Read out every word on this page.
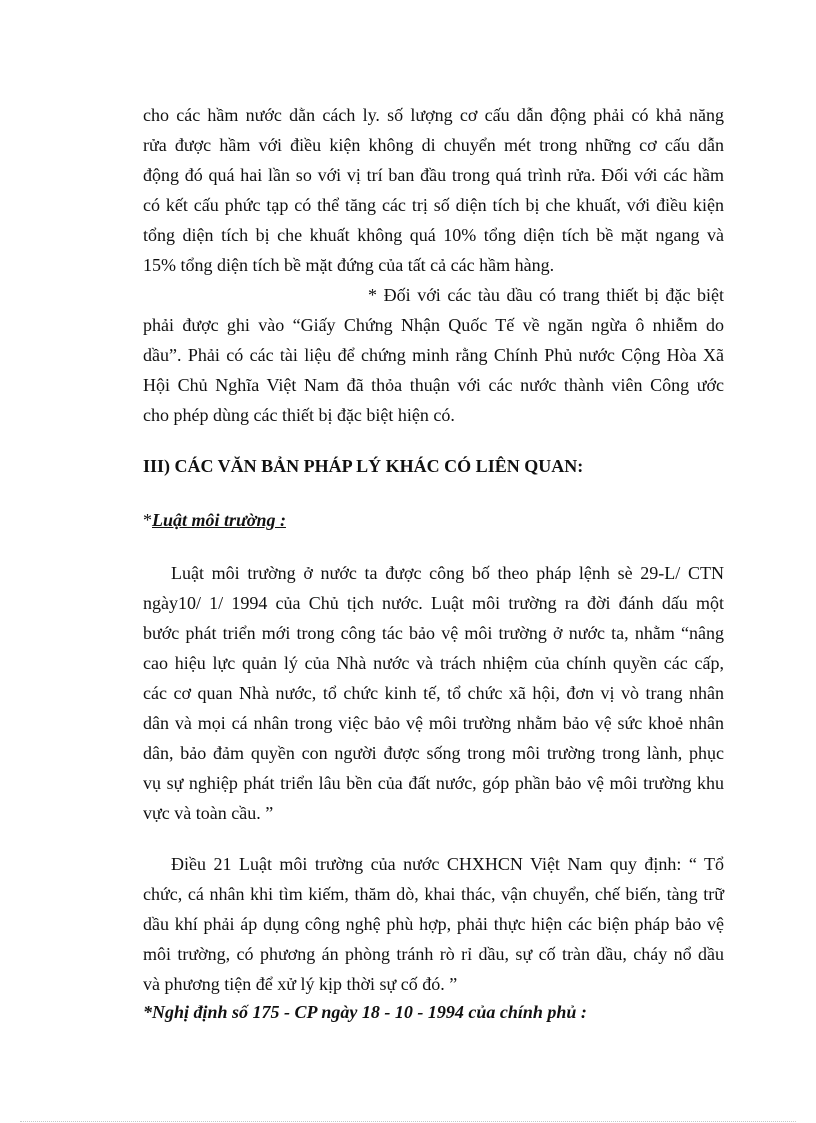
cho các hầm nước dằn cách ly. số lượng cơ cấu dẫn động phải có khả năng
rửa được hầm với điều kiện không di chuyển mét trong những cơ cấu dẫn
động đó quá hai lần so với vị trí ban đầu trong quá trình rửa. Đối với các hầm
có kết cấu phức tạp có thể tăng các trị số diện tích bị che khuất, với điều kiện
tổng diện tích bị che khuất không quá 10% tổng diện tích bề mặt ngang và
15% tổng diện tích bề mặt đứng của tất cả các hầm hàng.
* Đối với các tàu dầu có trang thiết bị đặc biệt
phải được ghi vào “Giấy Chứng Nhận Quốc Tế về ngăn ngừa ô nhiễm do
dầu”. Phải có các tài liệu để chứng minh rằng Chính Phủ nước Cộng Hòa Xã
Hội Chủ Nghĩa Việt Nam đã thỏa thuận với các nước thành viên Công ước
cho phép dùng các thiết bị đặc biệt hiện có.
III) CÁC VĂN BẢN PHÁP LÝ KHÁC CÓ LIÊN QUAN:
*Luật môi trường :
Luật môi trường ở nước ta được công bố theo pháp lệnh sè 29-L/ CTN
ngày10/ 1/ 1994 của Chủ tịch nước. Luật môi trường ra đời đánh dấu một
bước phát triển mới trong công tác bảo vệ môi trường ở nước ta, nhằm “nâng
cao hiệu lực quản lý của Nhà nước và trách nhiệm của chính quyền các cấp,
các cơ quan Nhà nước, tổ chức kinh tế, tổ chức xã hội, đơn vị vò trang nhân
dân và mọi cá nhân trong việc bảo vệ môi trường nhằm bảo vệ sức khoẻ nhân
dân, bảo đảm quyền con người được sống trong môi trường trong lành, phục
vụ sự nghiệp phát triển lâu bền của đất nước, góp phần bảo vệ môi trường khu
vực và toàn cầu. ”
Điều 21 Luật môi trường của nước CHXHCN Việt Nam quy định: “ Tổ
chức, cá nhân khi tìm kiếm, thăm dò, khai thác, vận chuyển, chế biến, tàng trữ
dầu khí phải áp dụng công nghệ phù hợp, phải thực hiện các biện pháp bảo vệ
môi trường, có phương án phòng tránh rò rỉ dầu, sự cố tràn dầu, cháy nổ dầu
và phương tiện để xử lý kịp thời sự cố đó. ”
*Nghị định số 175 - CP ngày 18 - 10 - 1994 của chính phủ :
